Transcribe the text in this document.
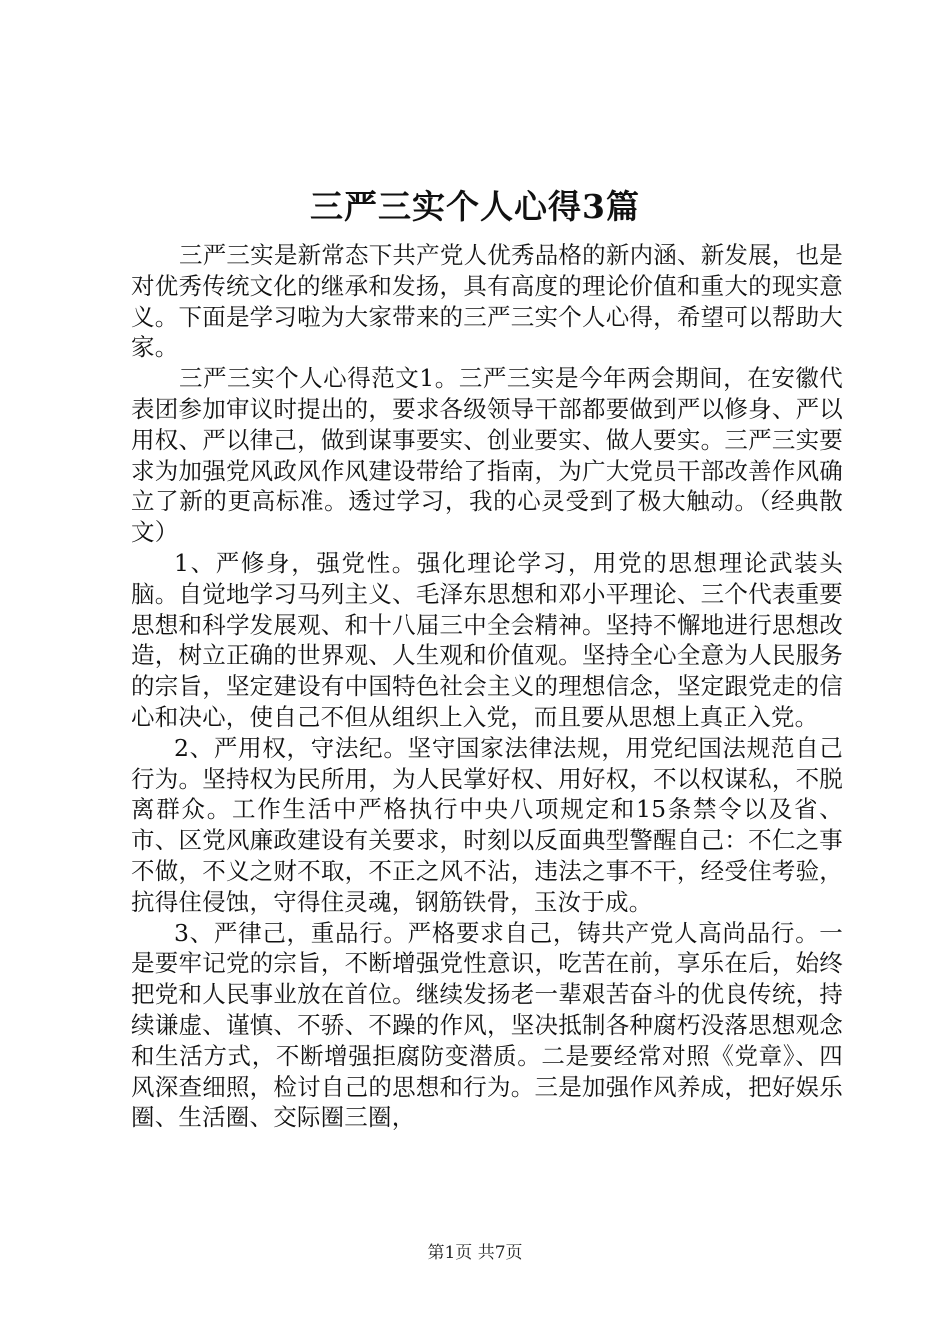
三严三实个人心得3篇

三严三实是新常态下共产党人优秀品格的新内涵、新发展，也是对优秀传统文化的继承和发扬，具有高度的理论价值和重大的现实意义。下面是学习啦为大家带来的三严三实个人心得，希望可以帮助大家。

三严三实个人心得范文1。三严三实是今年两会期间，在安徽代表团参加审议时提出的，要求各级领导干部都要做到严以修身、严以用权、严以律己，做到谋事要实、创业要实、做人要实。三严三实要求为加强党风政风作风建设带给了指南，为广大党员干部改善作风确立了新的更高标准。透过学习，我的心灵受到了极大触动。（经典散文）

1、严修身，强党性。强化理论学习，用党的思想理论武装头脑。自觉地学习马列主义、毛泽东思想和邓小平理论、三个代表重要思想和科学发展观、和十八届三中全会精神。坚持不懈地进行思想改造，树立正确的世界观、人生观和价值观。坚持全心全意为人民服务的宗旨，坚定建设有中国特色社会主义的理想信念，坚定跟党走的信心和决心，使自己不但从组织上入党，而且要从思想上真正入党。

2、严用权，守法纪。坚守国家法律法规，用党纪国法规范自己行为。坚持权为民所用，为人民掌好权、用好权，不以权谋私，不脱离群众。工作生活中严格执行中央八项规定和15条禁令以及省、市、区党风廉政建设有关要求，时刻以反面典型警醒自己：不仁之事不做，不义之财不取，不正之风不沾，违法之事不干，经受住考验，抗得住侵蚀，守得住灵魂，钢筋铁骨，玉汝于成。

3、严律己，重品行。严格要求自己，铸共产党人高尚品行。一是要牢记党的宗旨，不断增强党性意识，吃苦在前，享乐在后，始终把党和人民事业放在首位。继续发扬老一辈艰苦奋斗的优良传统，持续谦虚、谨慎、不骄、不躁的作风，坚决抵制各种腐朽没落思想观念和生活方式，不断增强拒腐防变潜质。二是要经常对照《党章》、四风深查细照，检讨自己的思想和行为。三是加强作风养成，把好娱乐圈、生活圈、交际圈三圈，

第1页 共7页
